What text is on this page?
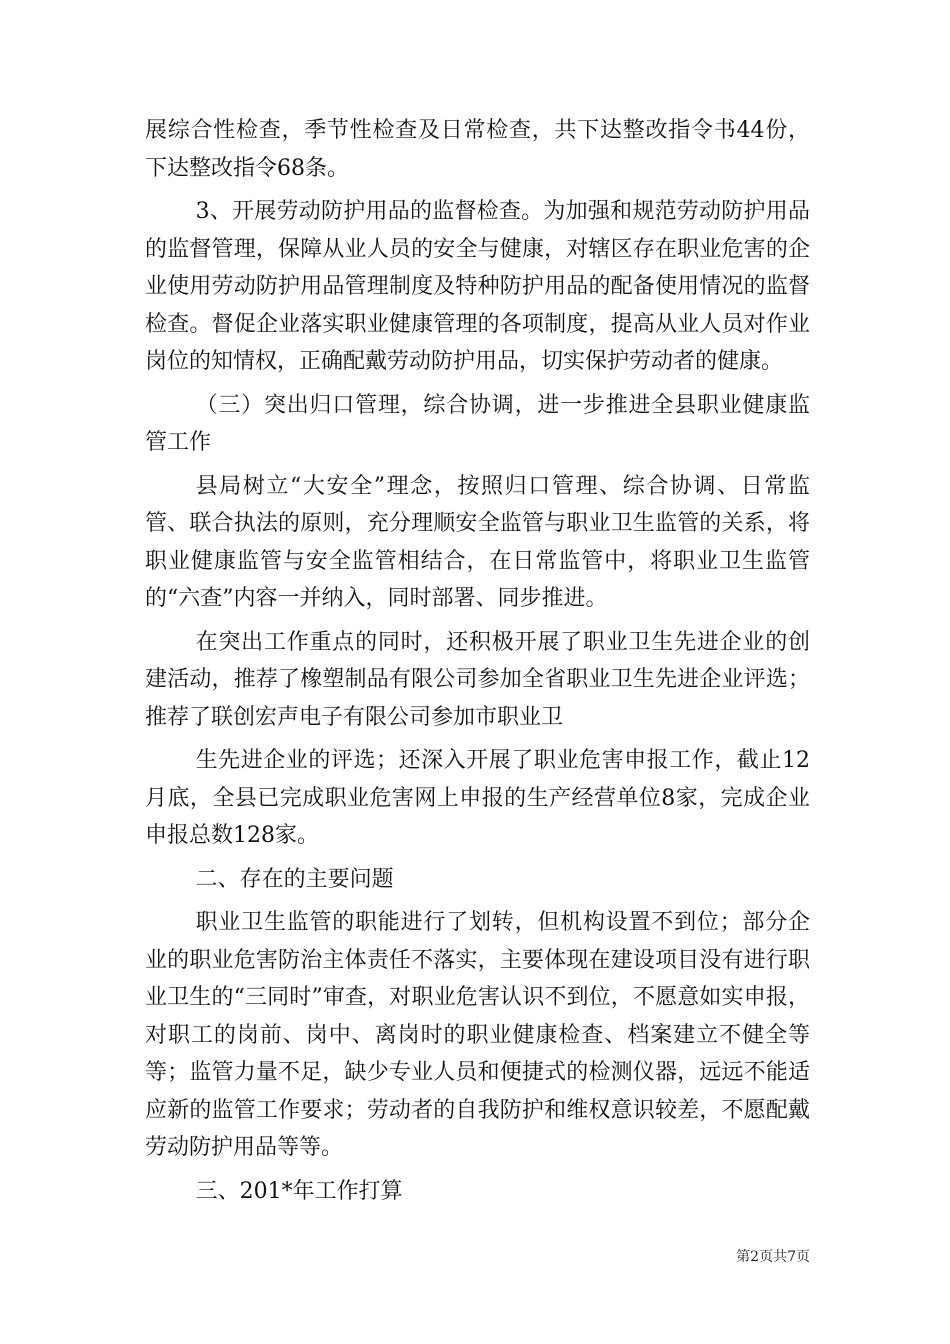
展综合性检查，季节性检查及日常检查，共下达整改指令书44份，下达整改指令68条。

3、开展劳动防护用品的监督检查。为加强和规范劳动防护用品的监督管理，保障从业人员的安全与健康，对辖区存在职业危害的企业使用劳动防护用品管理制度及特种防护用品的配备使用情况的监督检查。督促企业落实职业健康管理的各项制度，提高从业人员对作业岗位的知情权，正确配戴劳动防护用品，切实保护劳动者的健康。

（三）突出归口管理，综合协调，进一步推进全县职业健康监管工作

县局树立“大安全”理念，按照归口管理、综合协调、日常监管、联合执法的原则，充分理顺安全监管与职业卫生监管的关系，将职业健康监管与安全监管相结合，在日常监管中，将职业卫生监管的“六查”内容一并纳入，同时部署、同步推进。

在突出工作重点的同时，还积极开展了职业卫生先进企业的创建活动，推荐了橡塑制品有限公司参加全省职业卫生先进企业评选；推荐了联创宏声电子有限公司参加市职业卫

生先进企业的评选；还深入开展了职业危害申报工作，截止12月底，全县已完成职业危害网上申报的生产经营单位8家，完成企业申报总数128家。

二、存在的主要问题

职业卫生监管的职能进行了划转，但机构设置不到位；部分企业的职业危害防治主体责任不落实，主要体现在建设项目没有进行职业卫生的“三同时”审查，对职业危害认识不到位，不愿意如实申报，对职工的岗前、岗中、离岗时的职业健康检查、档案建立不健全等等；监管力量不足，缺少专业人员和便捷式的检测仪器，远远不能适应新的监管工作要求；劳动者的自我防护和维权意识较差，不愿配戴劳动防护用品等等。

三、201*年工作打算

第2页共7页
